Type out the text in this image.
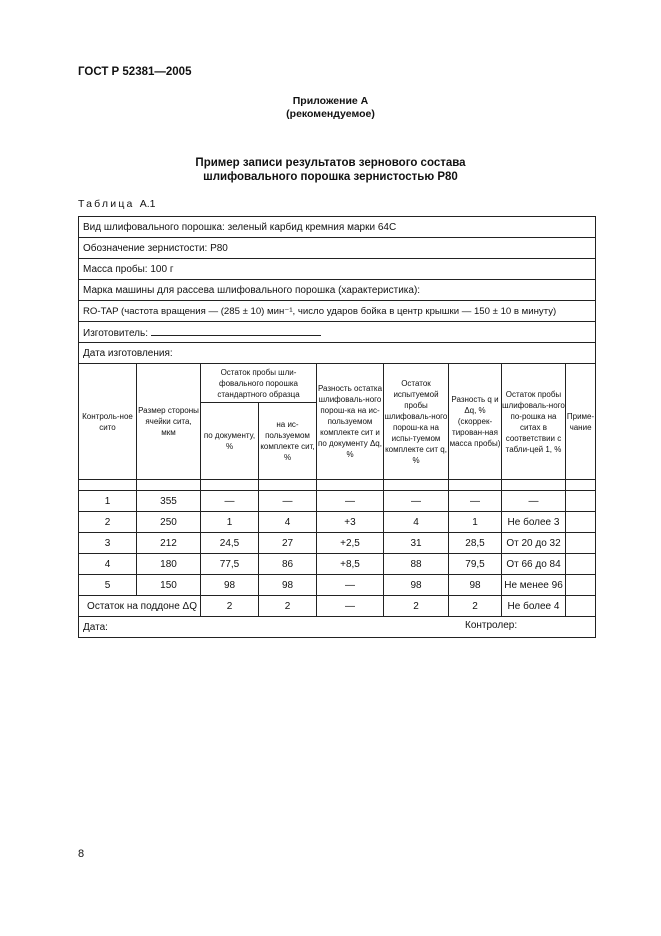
ГОСТ Р 52381—2005
Приложение А
(рекомендуемое)
Пример записи результатов зернового состава
шлифовального порошка зернистостью Р80
Таблица А.1
Вид шлифовального порошка: зеленый карбид кремния марки 64С								
Обозначение зернистости: Р80								
Масса пробы: 100 г								
Марка машины для рассева шлифовального порошка (характеристика):								
RO-TAP (частота вращения — (285 ± 10) мин⁻¹, число ударов бойка в центр крышки — 150 ± 10 в минуту)								
Изготовитель:								
Дата изготовления:								
Контроль-ное сито	Размер стороны ячейки сита, мкм	Остаток пробы шли-фовального порошка стандартного образца		Разность остатка шлифоваль-ного порош-ка на ис-пользуемом комплекте сит и по документу Δq, %	Остаток испытуемой пробы шлифоваль-ного порош-ка на испы-туемом комплекте сит q, %	Разность q и Δq, % (скоррек-тирован-ная масса пробы)	Остаток пробы шлифоваль-ного по-рошка на ситах в соответствии с табли-цей 1, %	Приме-чание
		по документу, %	на ис-пользуемом комплекте сит, %					

1	355	—	—	—	—	—	—	
2	250	1	4	+3	4	1	Не более 3	
3	212	24,5	27	+2,5	31	28,5	От 20 до 32	
4	180	77,5	86	+8,5	88	79,5	От 66 до 84	
5	150	98	98	—	98	98	Не менее 96	
Остаток на поддоне ΔQ		2	2	—	2	2	Не более 4	
Дата: Контролер:								
8
